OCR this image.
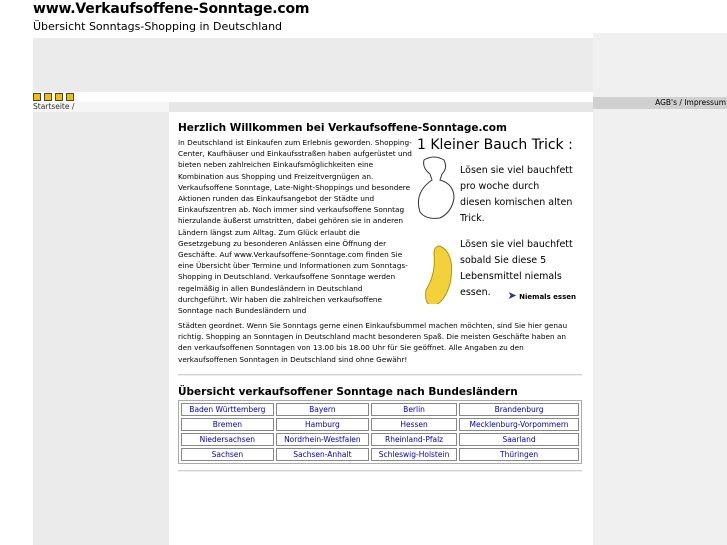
www.Verkaufsoffene-Sonntage.com
Übersicht Sonntags-Shopping in Deutschland
Startseite /	AGB's / Impressum
Herzlich Willkommen bei Verkaufsoffene-Sonntage.com
In Deutschland ist Einkaufen zum Erlebnis geworden. Shopping-Center, Kaufhäuser und Einkaufsstraßen haben aufgerüstet und bieten neben zahlreichen Einkaufsmöglichkeiten eine Kombination aus Shopping und Freizeitvergnügen an. Verkaufsoffene Sonntage, Late-Night-Shoppings und besondere Aktionen runden das Einkaufsangebot der Städte und Einkaufszentren ab. Noch immer sind verkaufsoffene Sonntag hierzulande äußerst umstritten, dabei gehören sie in anderen Ländern längst zum Alltag. Zum Glück erlaubt die Gesetzgebung zu besonderen Anlässen eine Öffnung der Geschäfte. Auf www.Verkaufsoffene-Sonntage.com finden Sie eine Übersicht über Termine und Informationen zum Sonntags-Shopping in Deutschland. Verkaufsoffene Sonntage werden regelmäßig in allen Bundesländern in Deutschland durchgeführt. Wir haben die zahlreichen verkaufsoffene Sonntage nach Bundesländern und
1 Kleiner Bauch Trick :
Lösen sie viel bauchfett
pro woche durch
diesen komischen alten
Trick.
Lösen sie viel bauchfett
sobald Sie diese 5
Lebensmittel niemals
essen. ➤ Niemals essen
Städten geordnet. Wenn Sie Sonntags gerne einen Einkaufsbummel machen möchten, sind Sie hier genau richtig. Shopping an Sonntagen in Deutschland macht besonderen Spaß. Die meisten Geschäfte haben an den verkaufsoffenen Sonntagen von 13.00 bis 18.00 Uhr für Sie geöffnet. Alle Angaben zu den verkaufsoffenen Sonntagen in Deutschland sind ohne Gewähr!
Übersicht verkaufsoffener Sonntage nach Bundesländern
Baden Württemberg	Bayern	Berlin	Brandenburg
Bremen	Hamburg	Hessen	Mecklenburg-Vorpommern
Niedersachsen	Nordrhein-Westfalen	Rheinland-Pfalz	Saarland
Sachsen	Sachsen-Anhalt	Schleswig-Holstein	Thüringen
